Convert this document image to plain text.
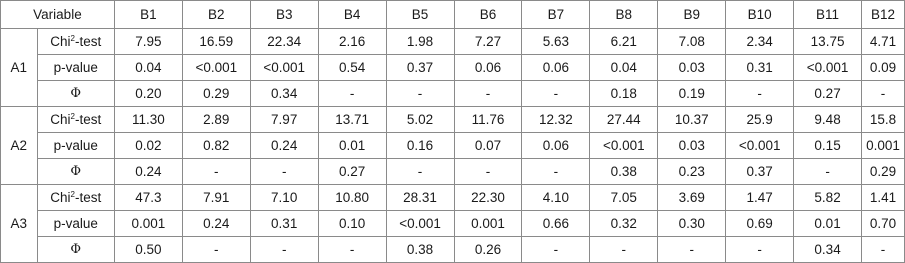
Variable		B1	B2	B3	B4	B5	B6	B7	B8	B9	B10	B11	B12
A1	Chi$^2$-test	7.95	16.59	22.34	2.16	1.98	7.27	5.63	6.21	7.08	2.34	13.75	4.71
	p-value	0.04	<0.001	<0.001	0.54	0.37	0.06	0.06	0.04	0.03	0.31	<0.001	0.09
	Φ	0.20	0.29	0.34	-	-	-	-	0.18	0.19	-	0.27	-
A2	Chi$^2$-test	11.30	2.89	7.97	13.71	5.02	11.76	12.32	27.44	10.37	25.9	9.48	15.8
	p-value	0.02	0.82	0.24	0.01	0.16	0.07	0.06	<0.001	0.03	<0.001	0.15	0.001
	Φ	0.24	-	-	0.27	-	-	-	0.38	0.23	0.37	-	0.29
A3	Chi$^2$-test	47.3	7.91	7.10	10.80	28.31	22.30	4.10	7.05	3.69	1.47	5.82	1.41
	p-value	0.001	0.24	0.31	0.10	<0.001	0.001	0.66	0.32	0.30	0.69	0.01	0.70
	Φ	0.50	-	-	-	0.38	0.26	-	-	-	-	0.34	-
